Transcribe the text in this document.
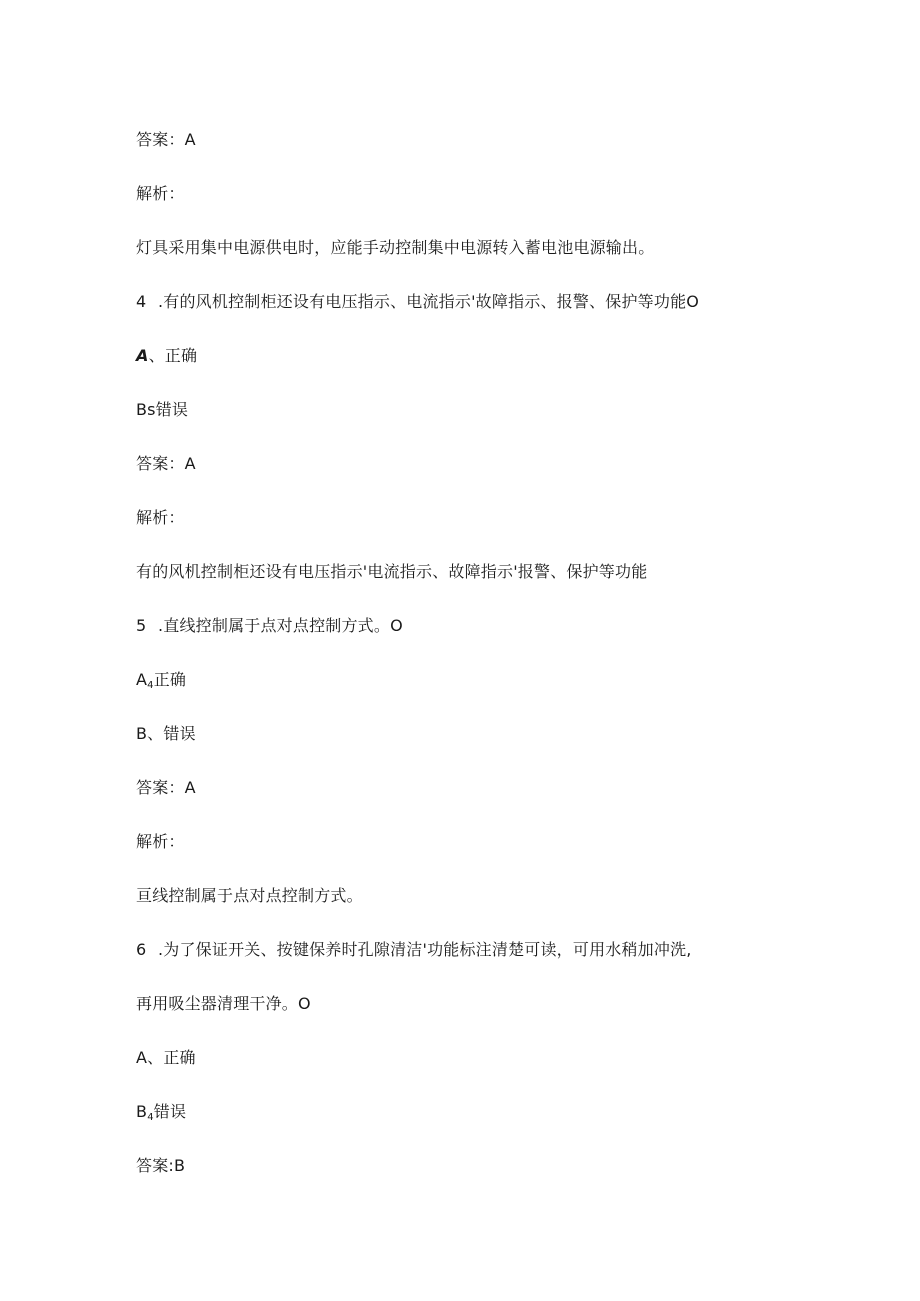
答案：A
解析：
灯具采用集中电源供电时，应能手动控制集中电源转入蓄电池电源输出。
4 .有的风机控制柜还设有电压指示、电流指示'故障指示、报警、保护等功能O
A、正确
Bs错误
答案：A
解析：
有的风机控制柜还设有电压指示'电流指示、故障指示'报警、保护等功能
5 .直线控制属于点对点控制方式。O
$A_4$正确
B、错误
答案：A
解析：
亘线控制属于点对点控制方式。
6 .为了保证开关、按键保养时孔隙清洁'功能标注清楚可读，可用水稍加冲洗,
再用吸尘器清理干净。O
A、正确
$B_4$错误
答案:B
